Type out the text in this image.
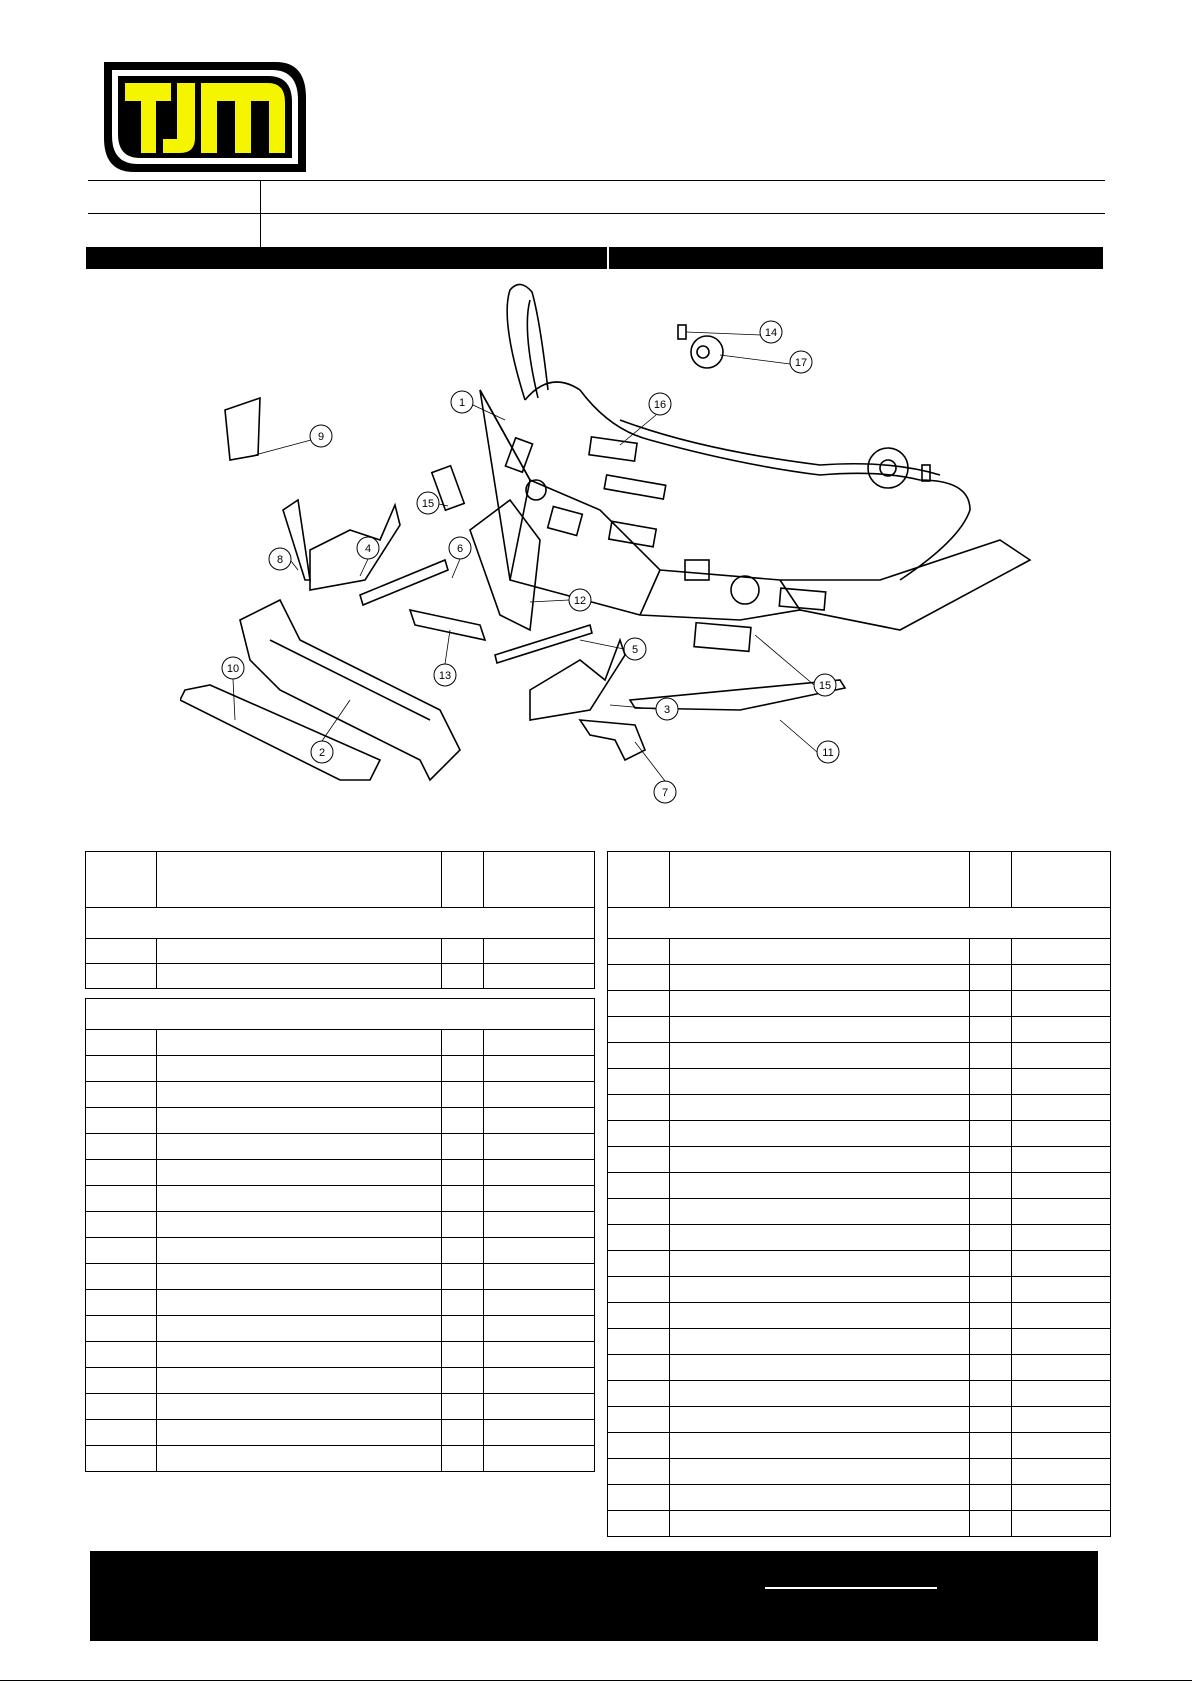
1
2
3
4
5
6
7
8
9
10
11
12
13
14
15
15
16
17
